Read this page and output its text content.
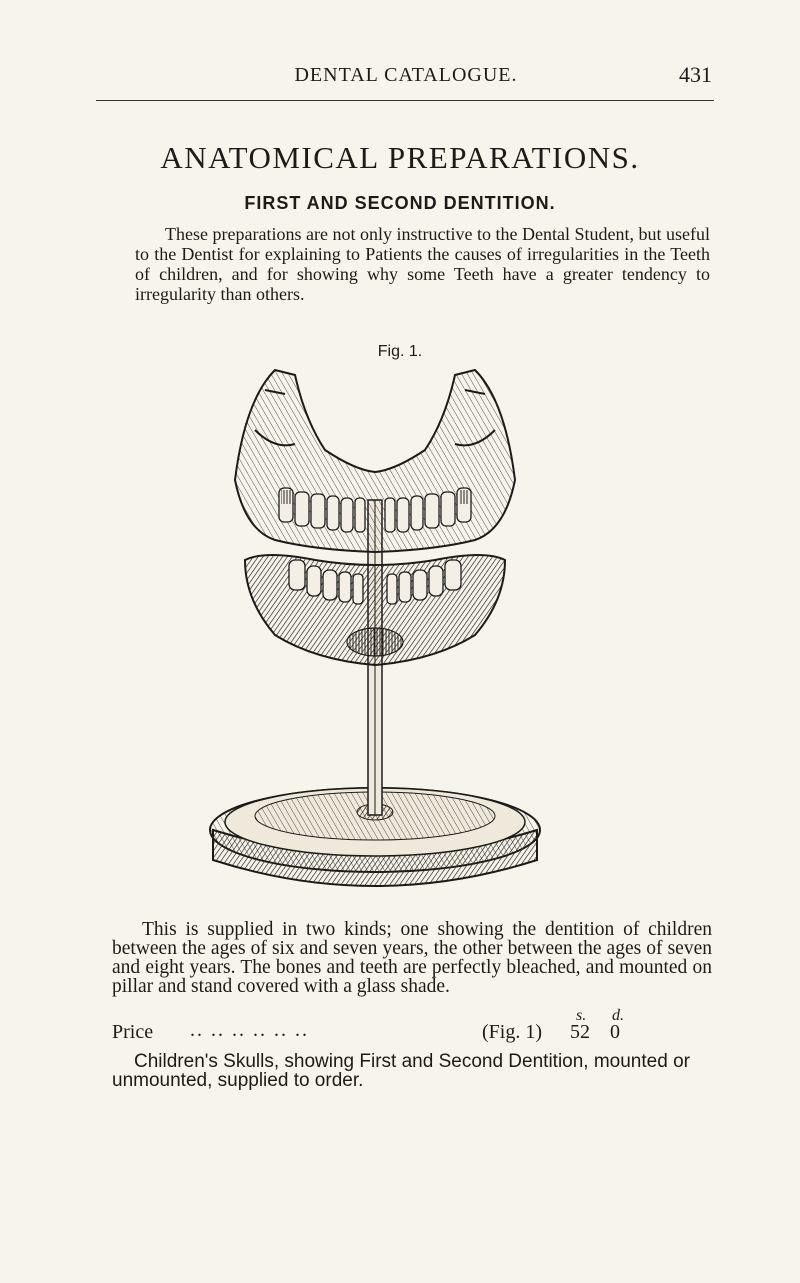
DENTAL CATALOGUE.	431
ANATOMICAL PREPARATIONS.
FIRST AND SECOND DENTITION.

These preparations are not only instructive to the Dental Student, but useful to the Dentist for explaining to Patients the causes of irregularities in the Teeth of children, and for showing why some Teeth have a greater tendency to irregularity than others.

Fig. 1.

This is supplied in two kinds; one showing the dentition of children between the ages of six and seven years, the other between the ages of seven and eight years. The bones and teeth are perfectly bleached, and mounted on pillar and stand covered with a glass shade.

Price .. .. .. .. .. ..	(Fig. 1)
s. d.
52 0

Children's Skulls, showing First and Second Dentition, mounted or unmounted, supplied to order.
